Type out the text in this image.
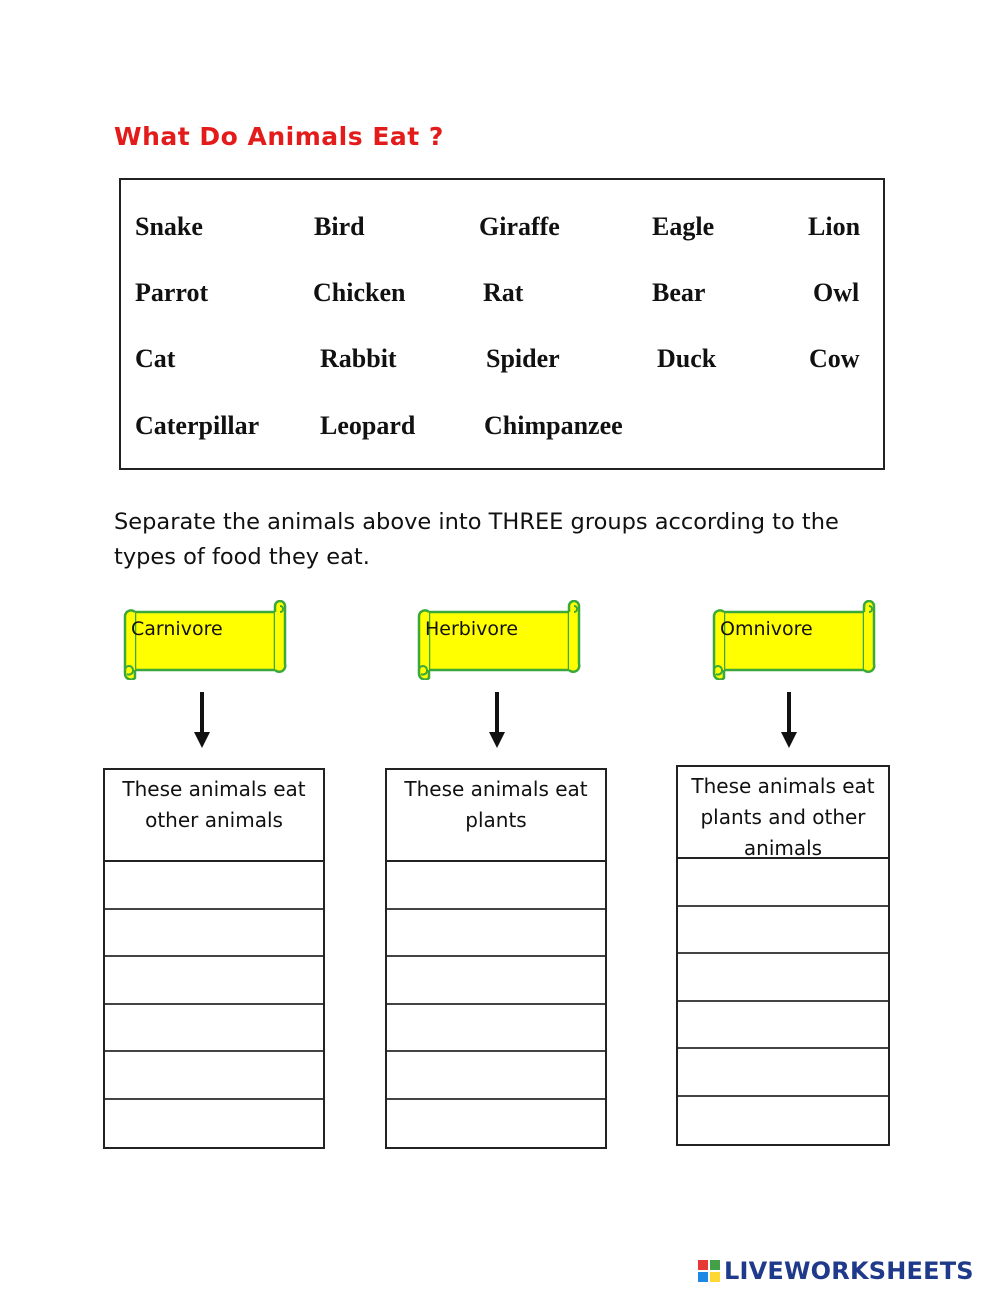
What Do Animals Eat ?
Snake	Bird	Giraffe	Eagle	Lion
Parrot	Chicken	Rat	Bear	Owl
Cat	Rabbit	Spider	Duck	Cow
Caterpillar Leopard	Chimpanzee
Separate the animals above into THREE groups according to the types of food they eat.
Carnivore	Herbivore	Omnivore
These animals eat other animals
These animals eat plants
These animals eat plants and other animals
LIVEWORKSHEETS
